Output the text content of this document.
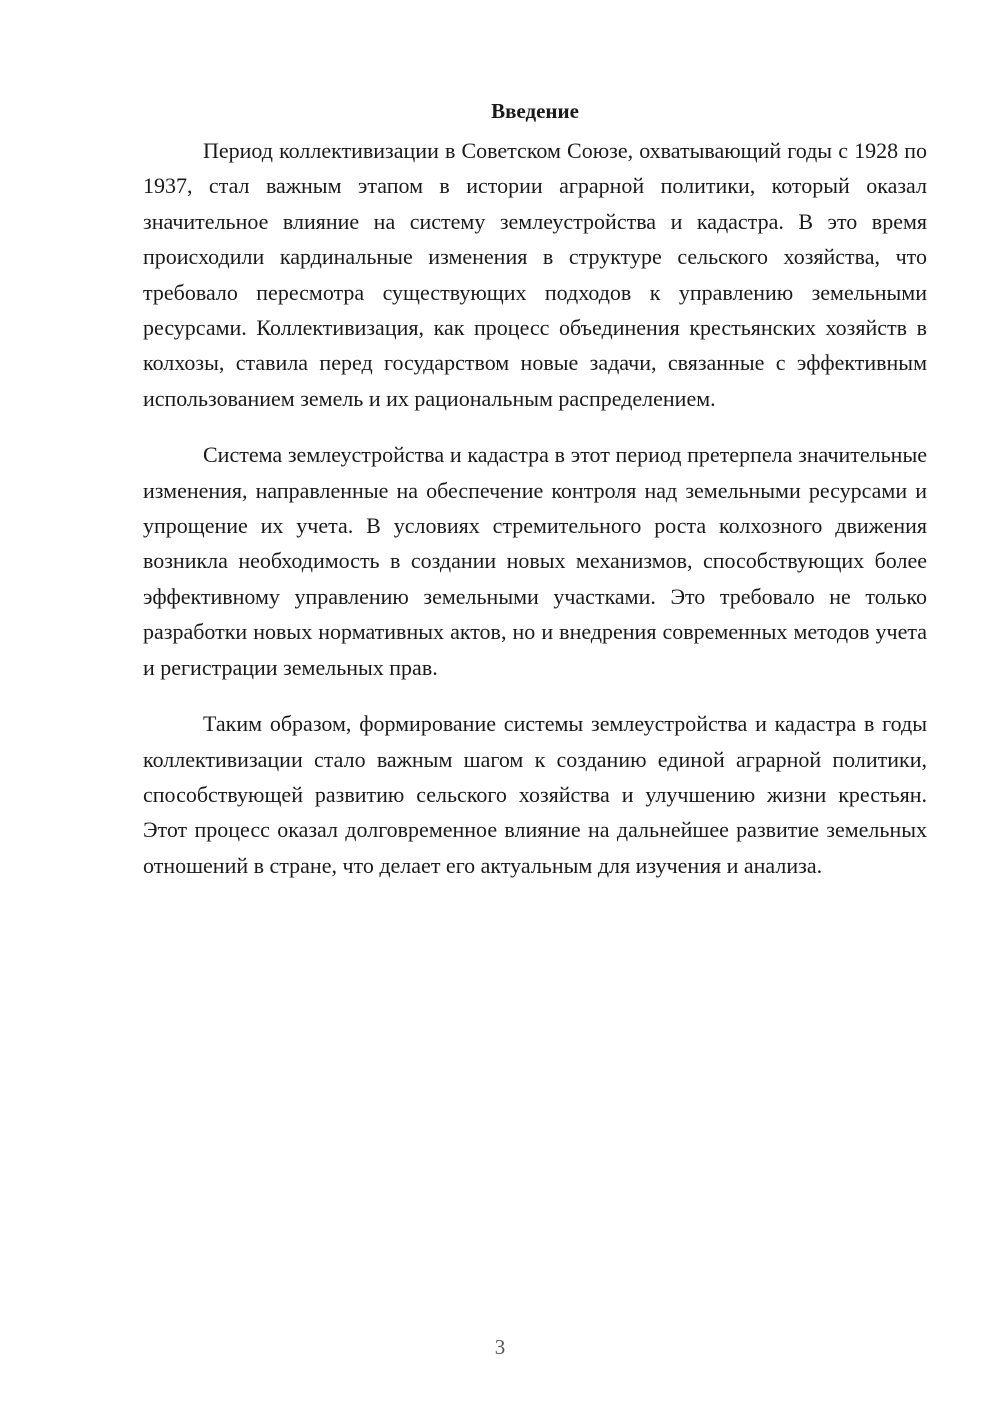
Введение

Период коллективизации в Советском Союзе, охватывающий годы с 1928 по 1937, стал важным этапом в истории аграрной политики, который оказал значительное влияние на систему землеустройства и кадастра. В это время происходили кардинальные изменения в структуре сельского хозяйства, что требовало пересмотра существующих подходов к управлению земельными ресурсами. Коллективизация, как процесс объединения крестьянских хозяйств в колхозы, ставила перед государством новые задачи, связанные с эффективным использованием земель и их рациональным распределением.

Система землеустройства и кадастра в этот период претерпела значительные изменения, направленные на обеспечение контроля над земельными ресурсами и упрощение их учета. В условиях стремительного роста колхозного движения возникла необходимость в создании новых механизмов, способствующих более эффективному управлению земельными участками. Это требовало не только разработки новых нормативных актов, но и внедрения современных методов учета и регистрации земельных прав.

Таким образом, формирование системы землеустройства и кадастра в годы коллективизации стало важным шагом к созданию единой аграрной политики, способствующей развитию сельского хозяйства и улучшению жизни крестьян. Этот процесс оказал долговременное влияние на дальнейшее развитие земельных отношений в стране, что делает его актуальным для изучения и анализа.

3
